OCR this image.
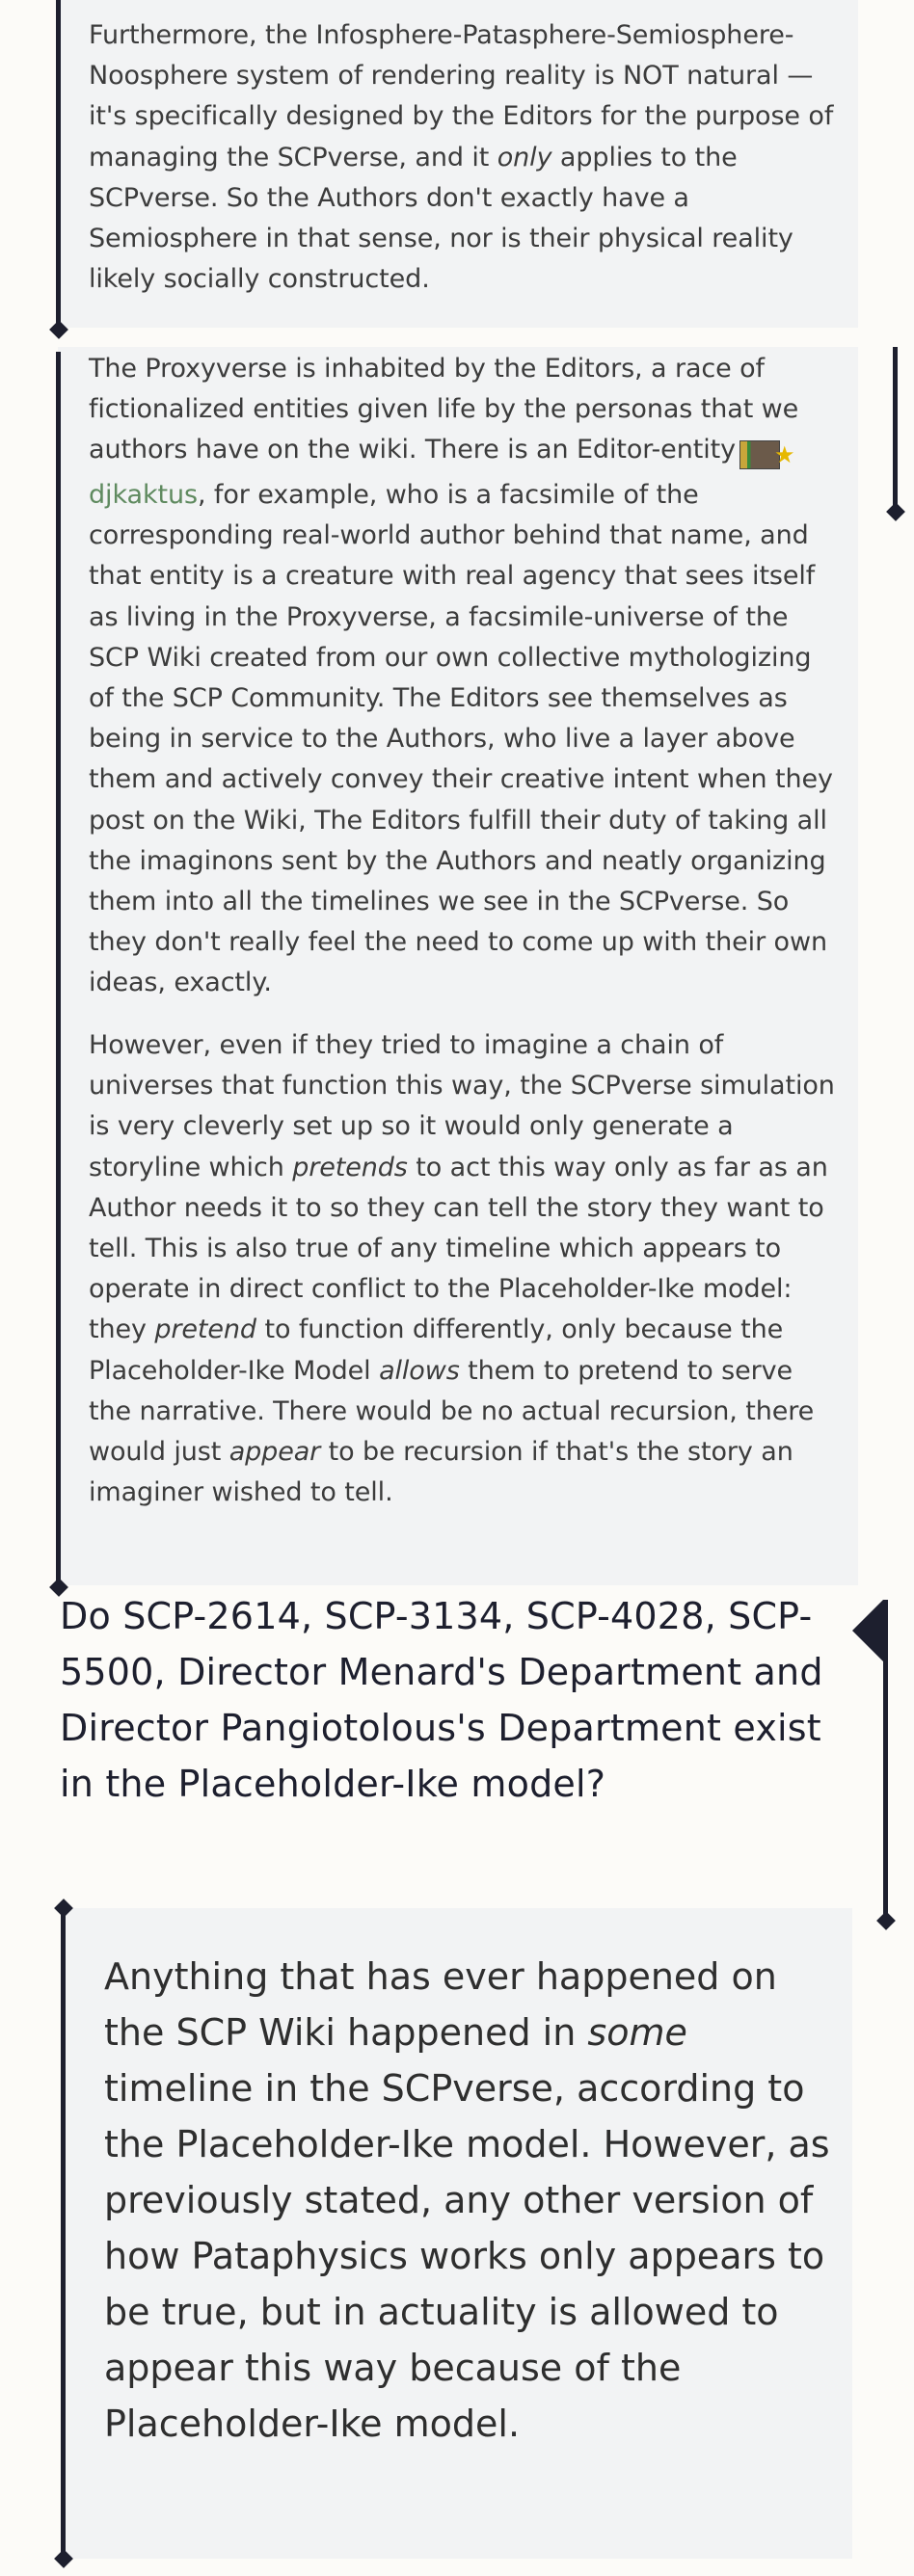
Furthermore, the Infosphere-Patasphere-Semiosphere-Noosphere system of rendering reality is NOT natural — it's specifically designed by the Editors for the purpose of managing the SCPverse, and it only applies to the SCPverse. So the Authors don't exactly have a Semiosphere in that sense, nor is their physical reality likely socially constructed.

The Proxyverse is inhabited by the Editors, a race of fictionalized entities given life by the personas that we authors have on the wiki. There is an Editor-entity ★
djkaktus, for example, who is a facsimile of the corresponding real-world author behind that name, and that entity is a creature with real agency that sees itself as living in the Proxyverse, a facsimile-universe of the SCP Wiki created from our own collective mythologizing of the SCP Community. The Editors see themselves as being in service to the Authors, who live a layer above them and actively convey their creative intent when they post on the Wiki, The Editors fulfill their duty of taking all the imaginons sent by the Authors and neatly organizing them into all the timelines we see in the SCPverse. So they don't really feel the need to come up with their own ideas, exactly.

However, even if they tried to imagine a chain of universes that function this way, the SCPverse simulation is very cleverly set up so it would only generate a storyline which pretends to act this way only as far as an Author needs it to so they can tell the story they want to tell. This is also true of any timeline which appears to operate in direct conflict to the Placeholder-Ike model: they pretend to function differently, only because the Placeholder-Ike Model allows them to pretend to serve the narrative. There would be no actual recursion, there would just appear to be recursion if that's the story an imaginer wished to tell.

Do SCP-2614, SCP-3134, SCP-4028, SCP-5500, Director Menard's Department and Director Pangiotolous's Department exist in the Placeholder-Ike model?

Anything that has ever happened on the SCP Wiki happened in some timeline in the SCPverse, according to the Placeholder-Ike model. However, as previously stated, any other version of how Pataphysics works only appears to be true, but in actuality is allowed to appear this way because of the Placeholder-Ike model.
